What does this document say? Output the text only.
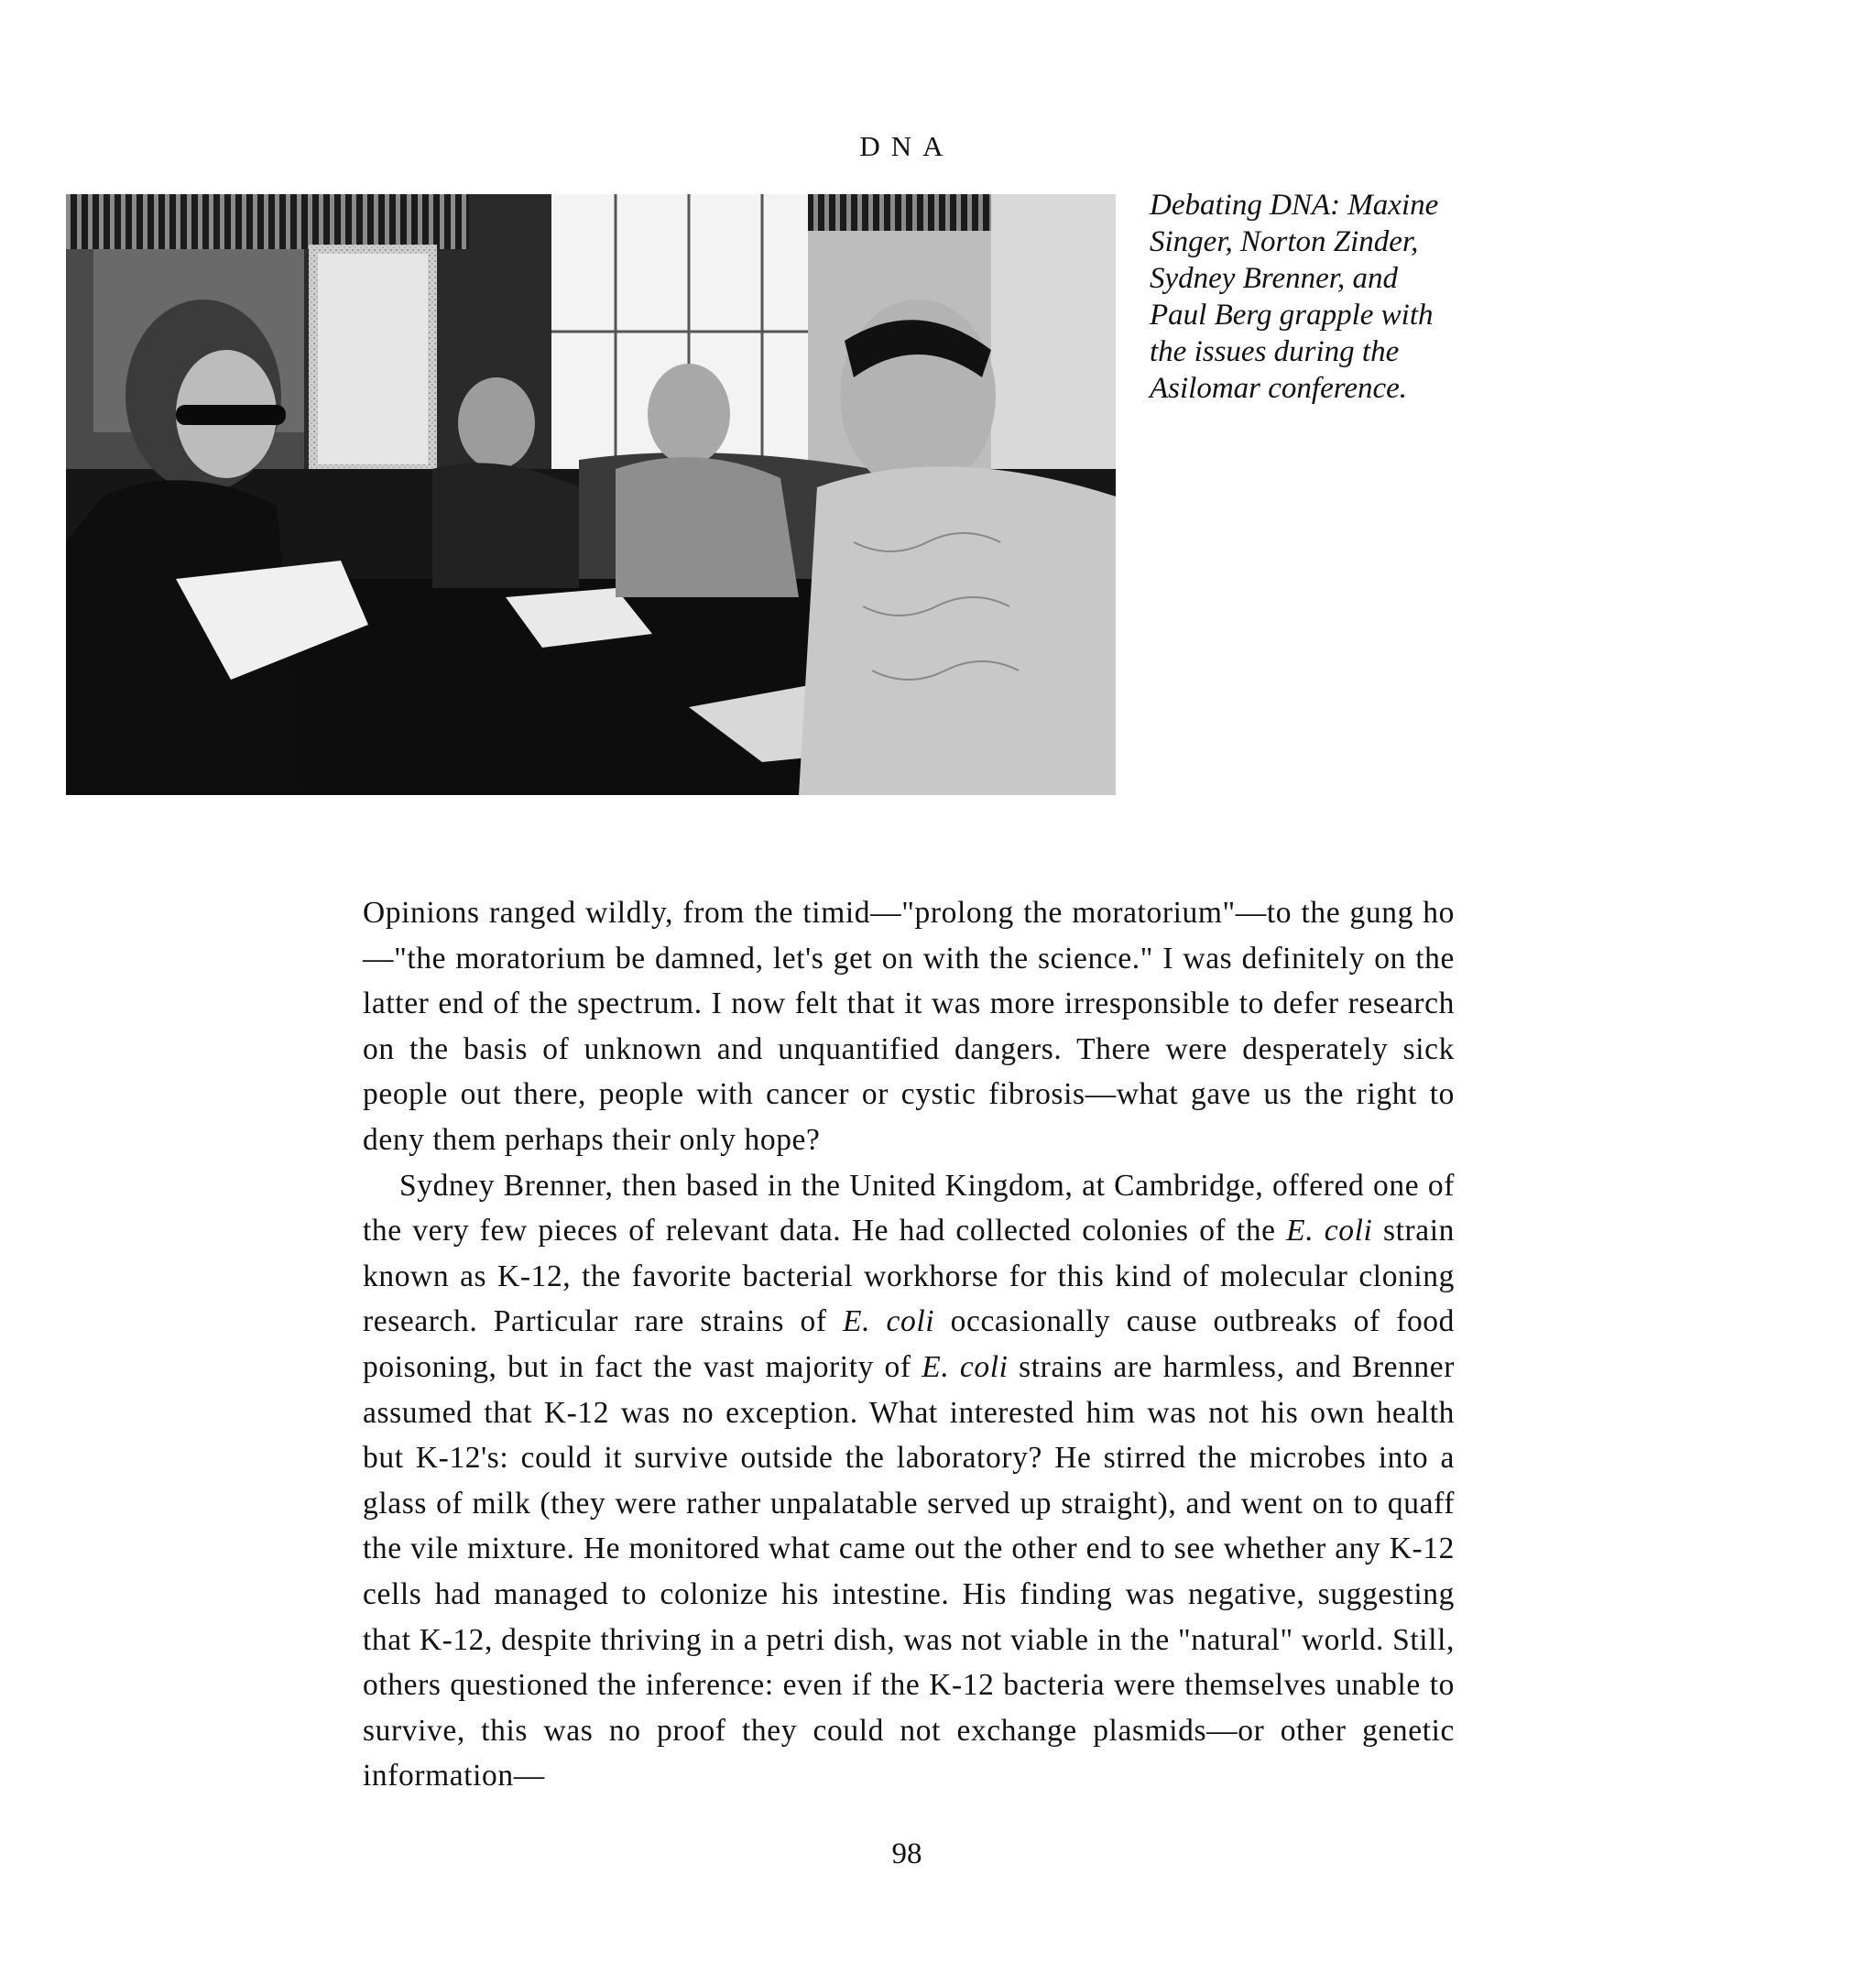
DNA

Debating DNA: Maxine

Singer, Norton Zinder,

Sydney Brenner, and

Paul Berg grapple with

the issues during the

Asilomar conference.

Opinions ranged wildly, from the timid—"prolong the moratorium"—to the gung ho—"the moratorium be damned, let's get on with the science." I was definitely on the latter end of the spectrum. I now felt that it was more irresponsible to defer research on the basis of unknown and unquantified dangers. There were desperately sick people out there, people with cancer or cystic fibrosis—what gave us the right to deny them perhaps their only hope?

Sydney Brenner, then based in the United Kingdom, at Cambridge, offered one of the very few pieces of relevant data. He had collected colonies of the E. coli strain known as K-12, the favorite bacterial workhorse for this kind of molecular cloning research. Particular rare strains of E. coli occasionally cause outbreaks of food poisoning, but in fact the vast majority of E. coli strains are harmless, and Brenner assumed that K-12 was no exception. What interested him was not his own health but K-12's: could it survive outside the laboratory? He stirred the microbes into a glass of milk (they were rather unpalatable served up straight), and went on to quaff the vile mixture. He monitored what came out the other end to see whether any K-12 cells had managed to colonize his intestine. His finding was negative, suggesting that K-12, despite thriving in a petri dish, was not viable in the "natural" world. Still, others questioned the inference: even if the K-12 bacteria were themselves unable to survive, this was no proof they could not exchange plasmids—or other genetic information—

98
